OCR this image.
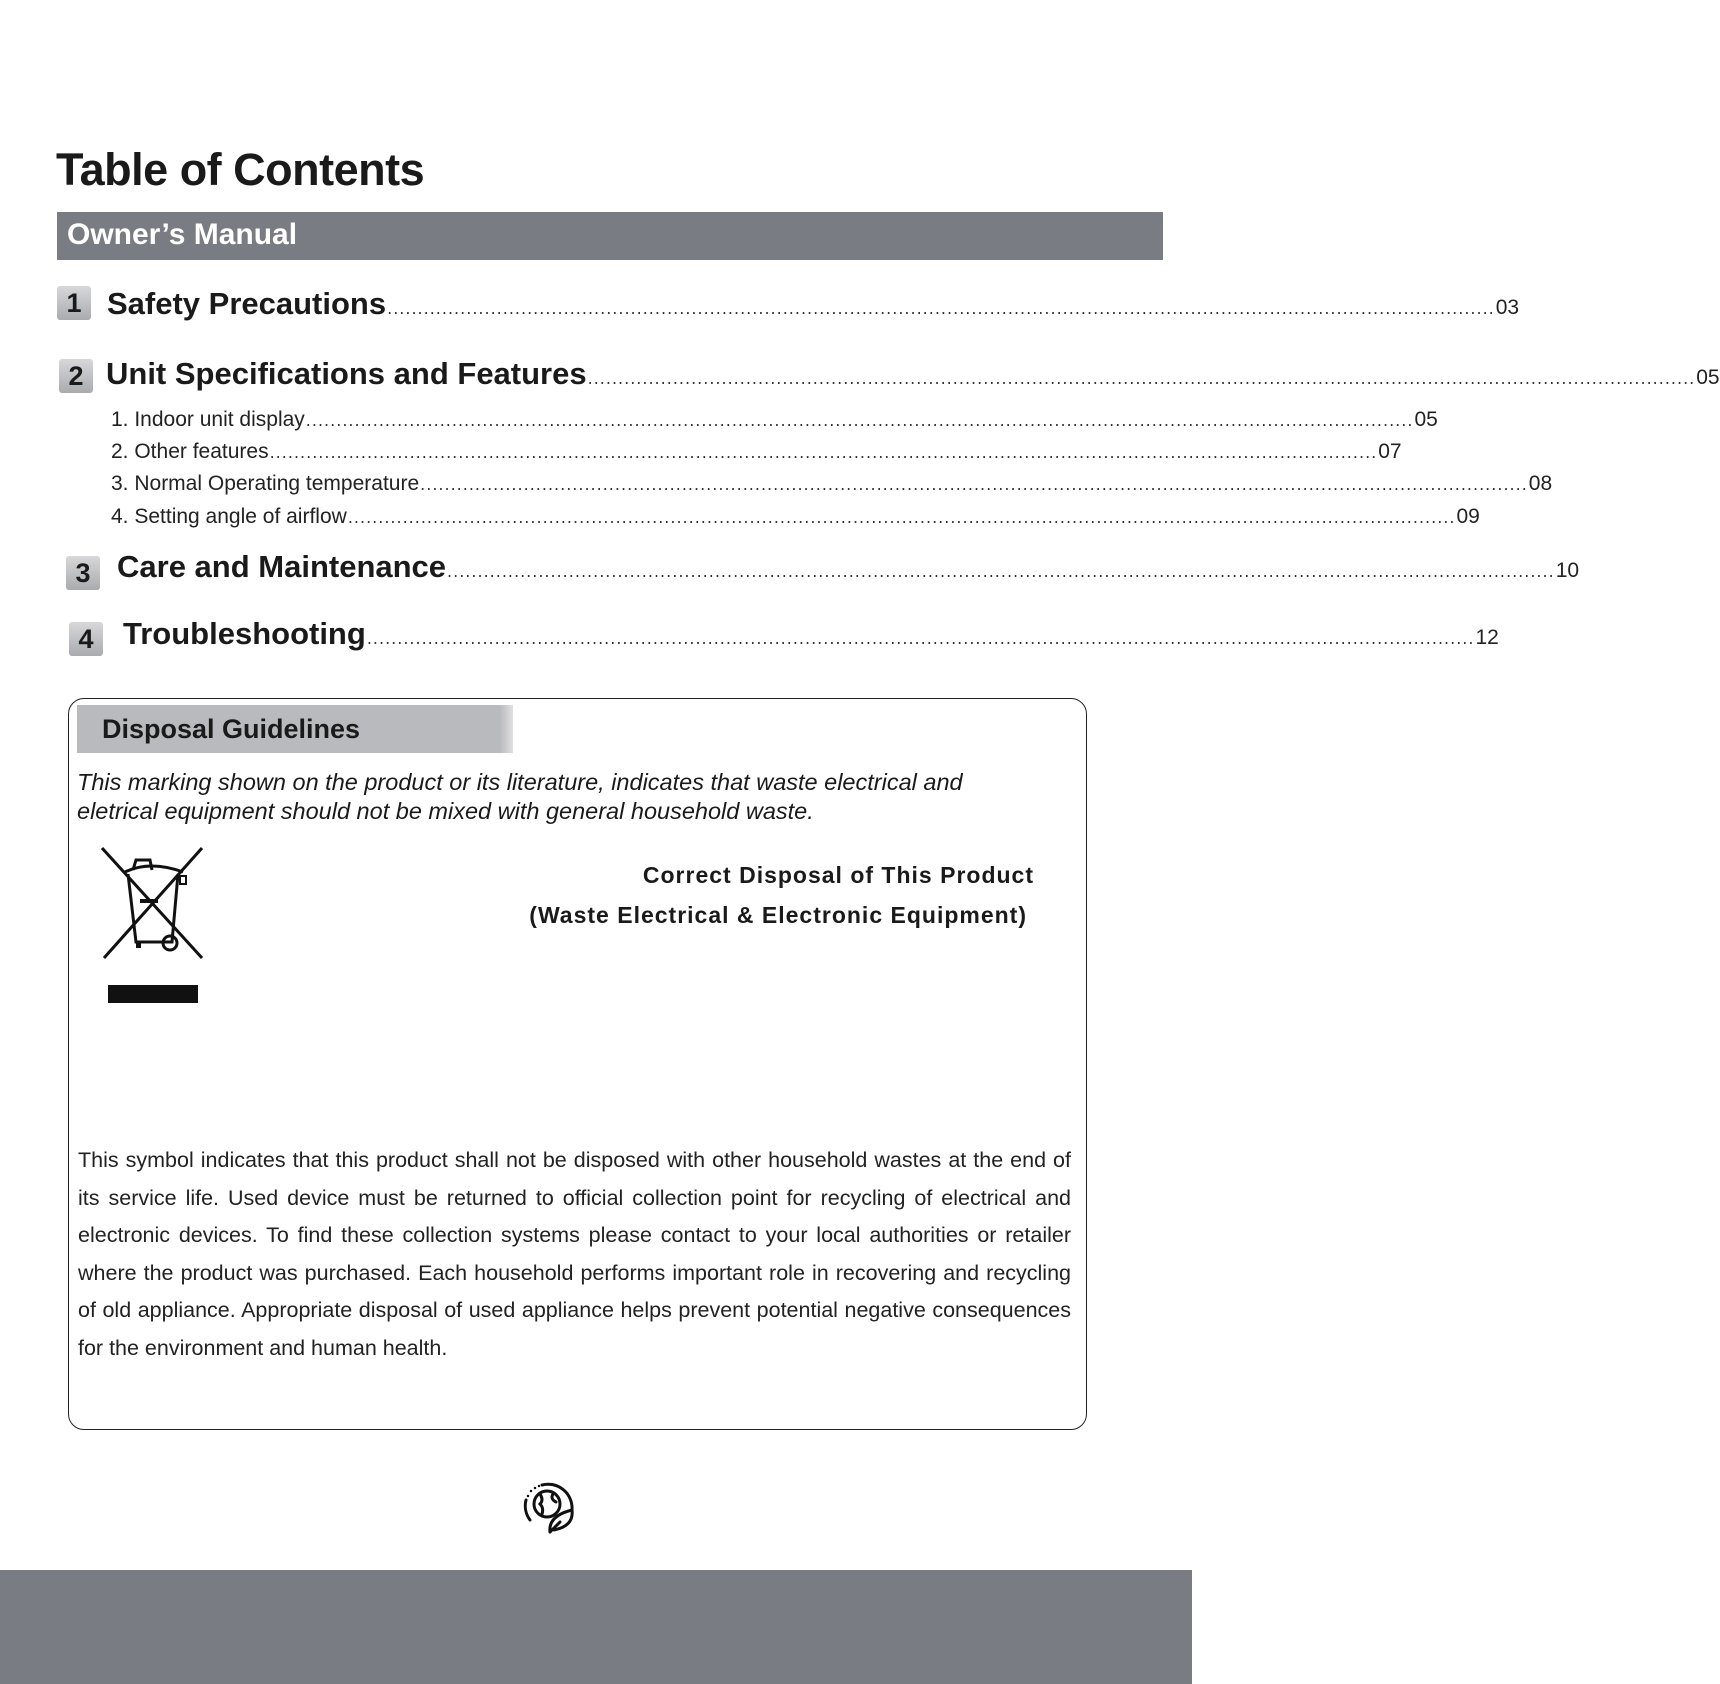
Table of Contents
Owner’s Manual
1 Safety Precautions ...................................................................................................................................................................................... 03
2 Unit Specifications and Features ...................................................................................................................................................................................... 05
1. Indoor unit display ...................................................................................................................................................................................... 05
2. Other features ...................................................................................................................................................................................... 07
3. Normal Operating temperature ...................................................................................................................................................................................... 08
4. Setting angle of airflow ...................................................................................................................................................................................... 09
3 Care and Maintenance ...................................................................................................................................................................................... 10
4 Troubleshooting ...................................................................................................................................................................................... 12
Disposal Guidelines
This marking shown on the product or its literature, indicates that waste electrical and
eletrical equipment should not be mixed with general household waste.
Correct Disposal of This Product
(Waste Electrical & Electronic Equipment)
This symbol indicates that this product shall not be disposed with other household wastes at the end of its service life. Used device must be returned to official collection point for recycling of electrical and electronic devices. To find these collection systems please contact to your local authorities or retailer where the product was purchased. Each household performs important role in recovering and recycling of old appliance. Appropriate disposal of used appliance helps prevent potential negative consequences for the environment and human health.
